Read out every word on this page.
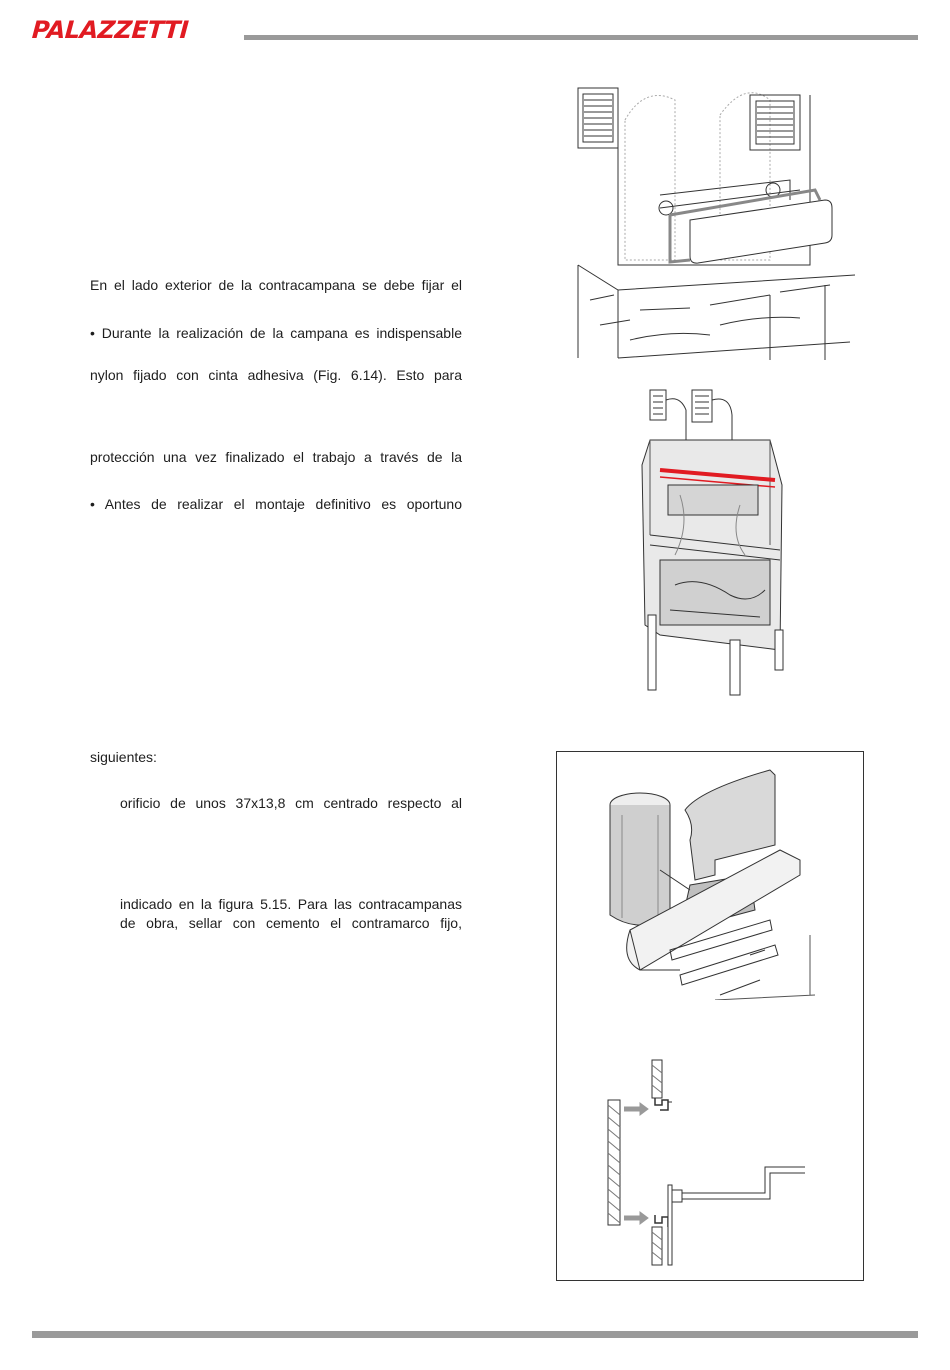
PALAZZETTI
En el lado exterior de la contracampana se debe fijar el
• Durante la realización de la campana es indispensable
nylon fijado con cinta adhesiva (Fig. 6.14). Esto para
protección una vez finalizado el trabajo a través de la
• Antes de realizar el montaje definitivo es oportuno
siguientes:
orificio de unos 37x13,8 cm centrado respecto al
indicado en la figura 5.15. Para las contracampanas
de obra, sellar con cemento el contramarco fijo,
